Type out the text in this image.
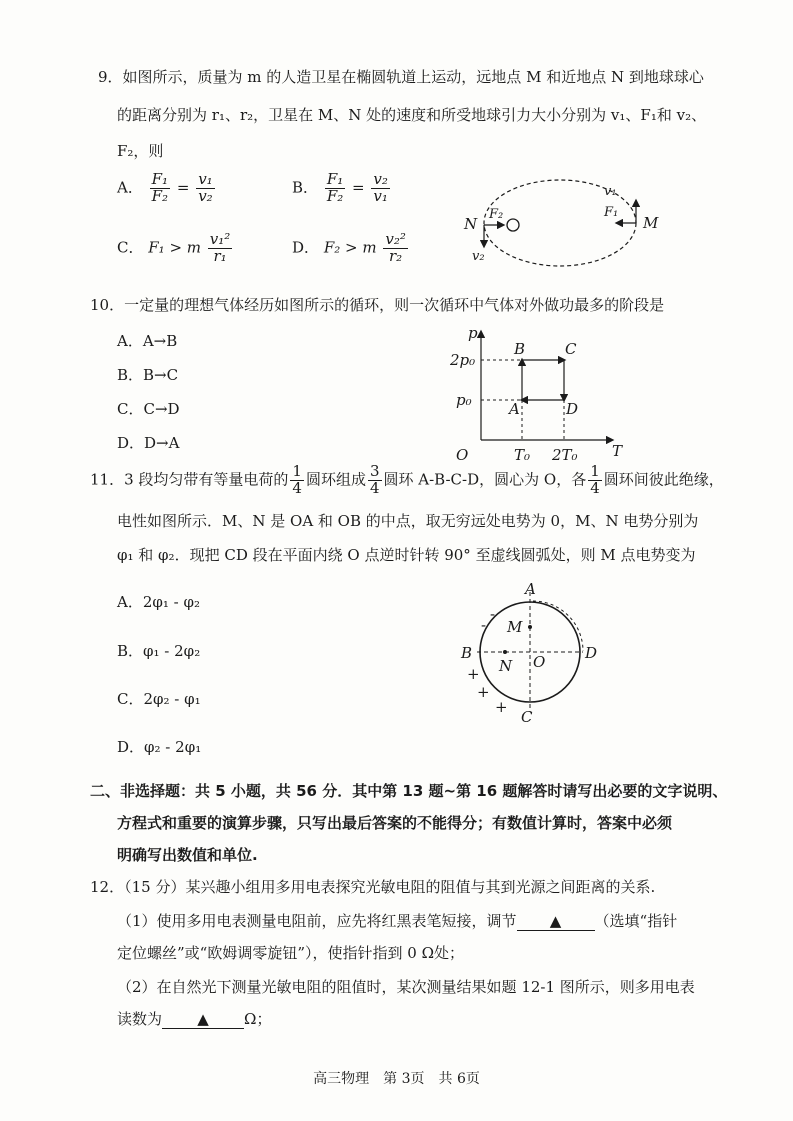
9．如图所示，质量为 m 的人造卫星在椭圆轨道上运动，远地点 M 和近地点 N 到地球球心
的距离分别为 r₁、r₂，卫星在 M、N 处的速度和所受地球引力大小分别为 v₁、F₁和 v₂、
F₂，则
A． $\frac{\text{F₁}}{\text{F₂}} = \frac{\text{v₁}}{\text{v₂}}$	B． $\frac{\text{F₁}}{\text{F₂}} = \frac{\text{v₂}}{\text{v₁}}$
C． F₁ > m $\frac{\text{v₁²}}{\text{r₁}}$	D． F₂ > m $\frac{\text{v₂²}}{\text{r₂}}$
N
F₂
v₂
M
F₁
v₁
10．一定量的理想气体经历如图所示的循环，则一次循环中气体对外做功最多的阶段是
A．A→B
B．B→C
C．C→D
D．D→A
p
T
O
2p₀
p₀
T₀ 2T₀
A
B	C
D
11．3 段均匀带有等量电荷的 $\frac{1}{4}$ 圆环组成 $\frac{3}{4}$ 圆环 A-B-C-D，圆心为 O，各 $\frac{1}{4}$ 圆环间彼此绝缘，
电性如图所示．M、N 是 OA 和 OB 的中点，取无穷远处电势为 0，M、N 电势分别为
φ₁ 和 φ₂．现把 CD 段在平面内绕 O 点逆时针转 90° 至虚线圆弧处，则 M 点电势变为
A．2φ₁ - φ₂
B．φ₁ - 2φ₂
C．2φ₂ - φ₁
D．φ₂ - 2φ₁
A
B
C
D
M
N O
-
-
+
+
+
二、非选择题：共 5 小题，共 56 分．其中第 13 题~第 16 题解答时请写出必要的文字说明、
方程式和重要的演算步骤，只写出最后答案的不能得分；有数值计算时，答案中必须
明确写出数值和单位.
12．（15 分）某兴趣小组用多用电表探究光敏电阻的阻值与其到光源之间距离的关系.
（1）使用多用电表测量电阻前，应先将红黑表笔短接，调节 ▲ （选填“指针
定位螺丝”或“欧姆调零旋钮”），使指针指到 0 Ω处；
（2）在自然光下测量光敏电阻的阻值时，某次测量结果如题 12-1 图所示，则多用电表
读数为 ▲ Ω；
高三物理　第 3页　共 6页
